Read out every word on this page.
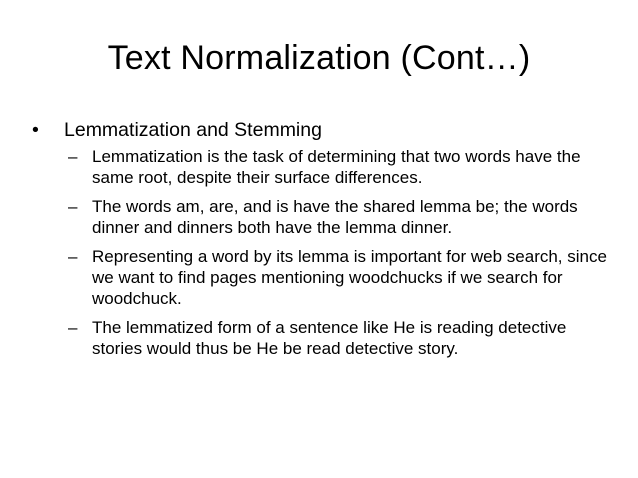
Text Normalization (Cont…)
•	Lemmatization and Stemming
– Lemmatization is the task of determining that two words have the same root, despite their surface differences.
– The words am, are, and is have the shared lemma be; the words dinner and dinners both have the lemma dinner.
– Representing a word by its lemma is important for web search, since we want to find pages mentioning woodchucks if we search for woodchuck.
– The lemmatized form of a sentence like He is reading detective stories would thus be He be read detective story.
